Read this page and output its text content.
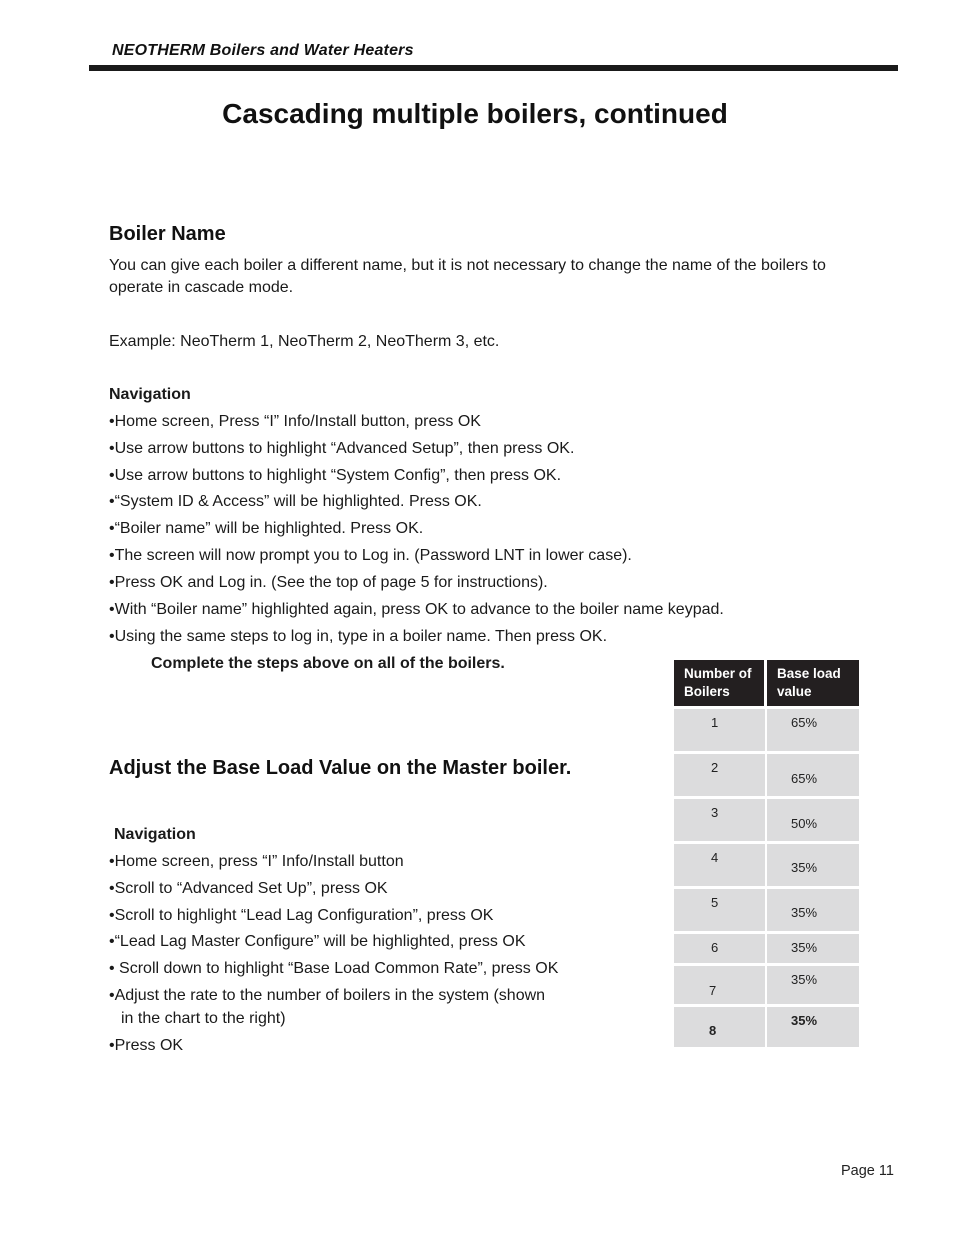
NEOTHERM Boilers and Water Heaters
Cascading multiple boilers, continued
Boiler Name
You can give each boiler a different name, but it is not necessary to change the name of the boilers to
operate in cascade mode.
Example: NeoTherm 1, NeoTherm 2, NeoTherm 3, etc.
Navigation
•Home screen, Press “I” Info/Install button, press OK
•Use arrow buttons to highlight “Advanced Setup”, then press OK.
•Use arrow buttons to highlight “System Config”, then press OK.
•“System ID & Access” will be highlighted. Press OK.
•“Boiler name” will be highlighted. Press OK.
•The screen will now prompt you to Log in. (Password LNT in lower case).
•Press OK and Log in. (See the top of page 5 for instructions).
•With “Boiler name” highlighted again, press OK to advance to the boiler name keypad.
•Using the same steps to log in, type in a boiler name. Then press OK.
Complete the steps above on all of the boilers.
Adjust the Base Load Value on the Master boiler.
Navigation
•Home screen, press “I” Info/Install button
•Scroll to “Advanced Set Up”, press OK
•Scroll to highlight “Lead Lag Configuration”, press OK
•“Lead Lag Master Configure” will be highlighted, press OK
• Scroll down to highlight “Base Load Common Rate”, press OK
•Adjust the rate to the number of boilers in the system (shown
in the chart to the right)
•Press OK
Number of
Boilers
Base load
value
1	65%
2
65%
3
50%
4
35%
5
35%
6	35%
7
35%
8
35%
Page 11
